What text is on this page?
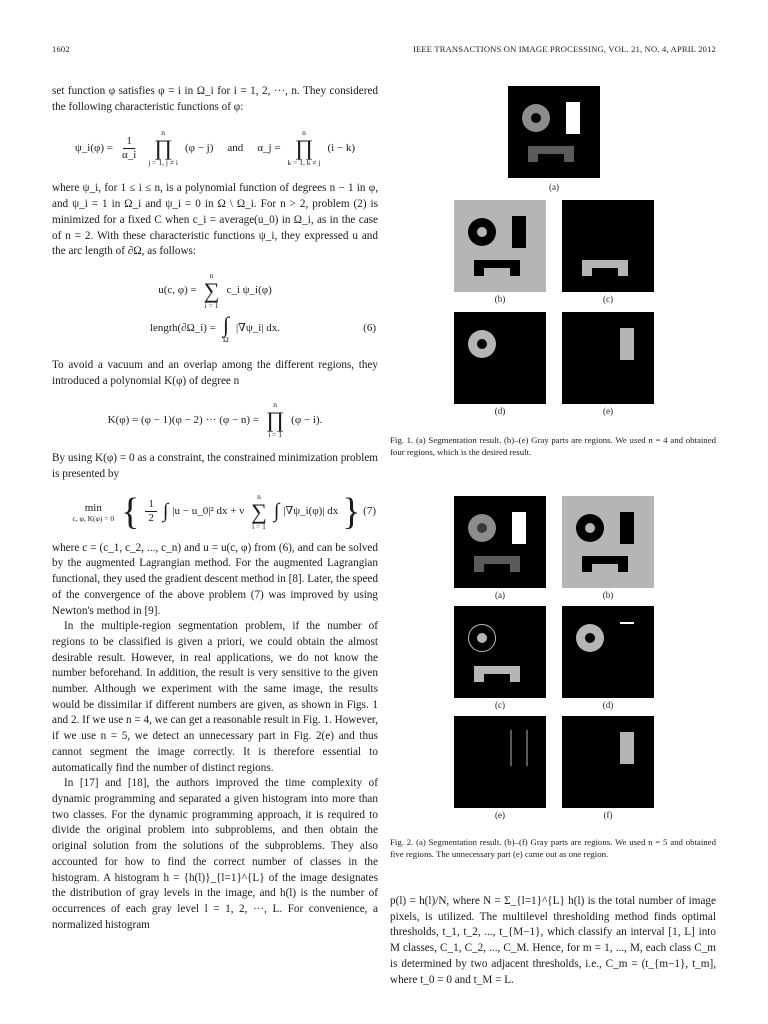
1602	IEEE TRANSACTIONS ON IMAGE PROCESSING, VOL. 21, NO. 4, APRIL 2012

set function φ satisfies φ = i in Ω_i for i = 1, 2, ···, n. They considered the following characteristic functions of φ:

ψ_i(φ) = $\frac{1}{\alpha\_i}$
n
∏
j = 1, j ≠ i
(φ − j) and α_j =
n
∏
k = 1, k ≠ j
(i − k)

where ψ_i, for 1 ≤ i ≤ n, is a polynomial function of degrees n − 1 in φ, and ψ_i = 1 in Ω_i and ψ_i = 0 in Ω \ Ω_i. For n > 2, problem (2) is minimized for a fixed C when c_i = average(u_0) in Ω_i, as in the case of n = 2. With these characteristic functions ψ_i, they expressed u and the arc length of ∂Ω, as follows:

u(c, φ) =
n
∑
i = 1
c_i ψ_i(φ)
length(∂Ω_i) = ∫
Ω
|∇ψ_i| dx.	(6)

To avoid a vacuum and an overlap among the different regions, they introduced a polynomial K(φ) of degree n

K(φ) = (φ − 1)(φ − 2) ··· (φ − n) =
n
∏
i = 1
(φ − i).

By using K(φ) = 0 as a constraint, the constrained minimization problem is presented by

min
c, φ, K(φ) = 0 { $\frac{1}{2}$ ∫ |u − u_0|² dx + ν
n
∑
i = 1
∫ |∇ψ_i(φ)| dx } (7)

where c = (c_1, c_2, ..., c_n) and u = u(c, φ) from (6), and can be solved by the augmented Lagrangian method. For the augmented Lagrangian functional, they used the gradient descent method in [8]. Later, the speed of the convergence of the above problem (7) was improved by using Newton's method in [9].

In the multiple-region segmentation problem, if the number of regions to be classified is given a priori, we could obtain the almost desirable result. However, in real applications, we do not know the number beforehand. In addition, the result is very sensitive to the given number. Although we experiment with the same image, the results would be dissimilar if different numbers are given, as shown in Figs. 1 and 2. If we use n = 4, we can get a reasonable result in Fig. 1. However, if we use n = 5, we detect an unnecessary part in Fig. 2(e) and thus cannot segment the image correctly. It is therefore essential to automatically find the number of distinct regions.

In [17] and [18], the authors improved the time complexity of dynamic programming and separated a given histogram into more than two classes. For the dynamic programming approach, it is required to divide the original problem into subproblems, and then obtain the original solution from the solutions of the subproblems. They also accounted for how to find the correct number of classes in the histogram. A histogram h = {h(l)}_{l=1}^{L} of the image designates the distribution of gray levels in the image, and h(l) is the number of occurrences of each gray level l = 1, 2, ···, L. For convenience, a normalized histogram

(a)
(b)	(c)
(d)	(e)
Fig. 1. (a) Segmentation result. (b)–(e) Gray parts are regions. We used n = 4 and obtained four regions, which is the desired result.
(a)	(b)
(c)	(d)
(e)	(f)
Fig. 2. (a) Segmentation result. (b)–(f) Gray parts are regions. We used n = 5 and obtained five regions. The unnecessary part (e) came out as one region.

p(l) = h(l)/N, where N = Σ_{l=1}^{L} h(l) is the total number of image pixels, is utilized. The multilevel thresholding method finds optimal thresholds, t_1, t_2, ..., t_{M−1}, which classify an interval [1, L] into M classes, C_1, C_2, ..., C_M. Hence, for m = 1, ..., M, each class C_m is determined by two adjacent thresholds, i.e., C_m = (t_{m−1}, t_m], where t_0 = 0 and t_M = L.
